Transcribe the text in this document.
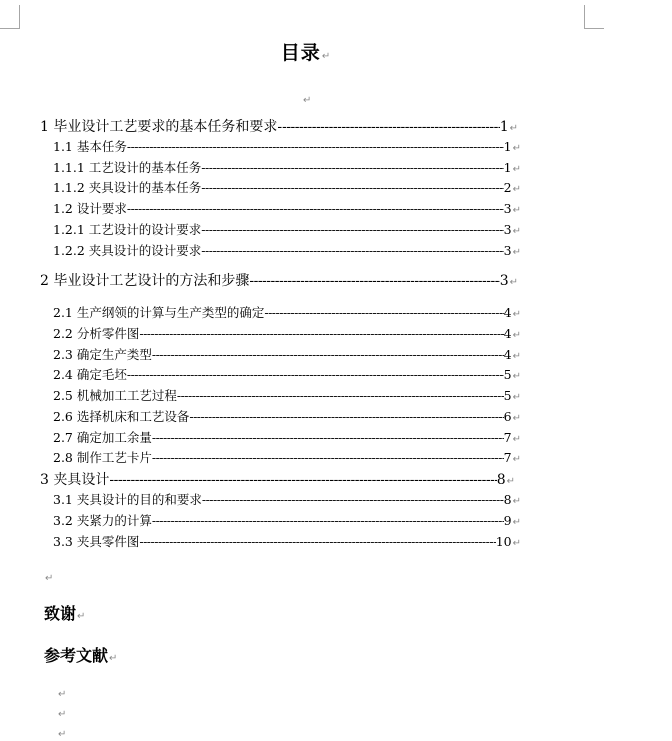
目录↵
↵
1 毕业设计工艺要求的基本任务和要求- -----	1 ↵
1.1 基本任务 -----	1 ↵
1.1.1 工艺设计的基本任务 -----	1 ↵
1.1.2 夹具设计的基本任务 -----	2 ↵
1.2 设计要求 -----	3 ↵
1.2.1 工艺设计的设计要求 -----	3 ↵
1.2.2 夹具设计的设计要求 -----	3 ↵
2 毕业设计工艺设计的方法和步骤 -----	3 ↵
2.1 生产纲领的计算与生产类型的确定 -----	4 ↵
2.2 分析零件图 -----	4 ↵
2.3 确定生产类型 -----	4 ↵
2.4 确定毛坯 -----	5 ↵
2.5 机械加工工艺过程 -----	5 ↵
2.6 选择机床和工艺设备 -----	6 ↵
2.7 确定加工余量 -----	7 ↵
2.8 制作工艺卡片 -----	7 ↵
3 夹具设计 -----	8 ↵
3.1 夹具设计的目的和要求 -----	8 ↵
3.2 夹紧力的计算 -----	9 ↵
3.3 夹具零件图 -----	10 ↵
↵
致谢↵
参考文献↵
↵
↵
↵
